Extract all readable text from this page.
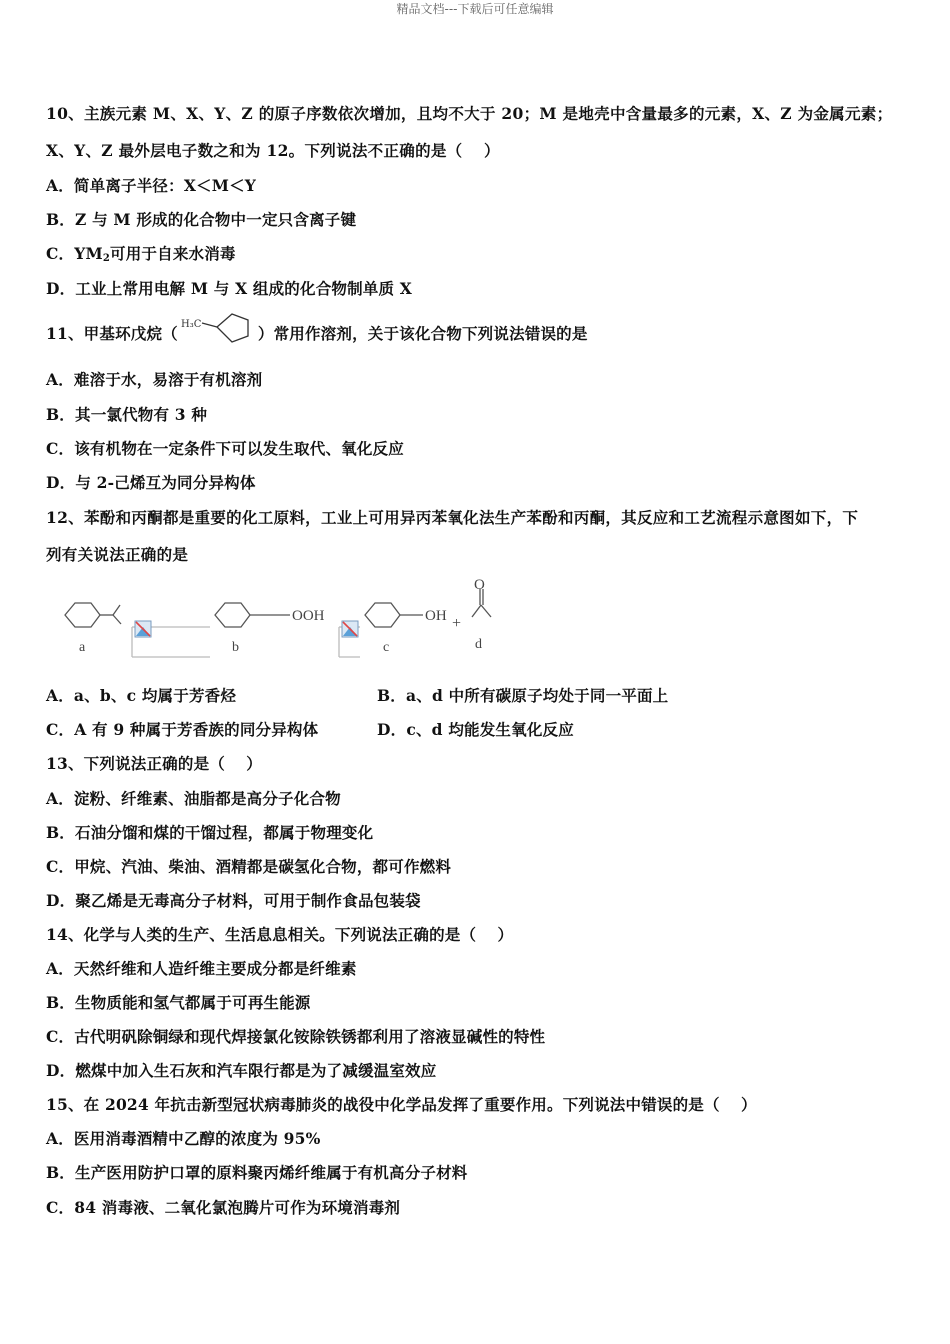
精品文档---下载后可任意编辑
10、主族元素 M、X、Y、Z 的原子序数依次增加，且均不大于 20；M 是地壳中含量最多的元素，X、Z 为金属元素；
X、Y、Z 最外层电子数之和为 12。下列说法不正确的是（　 ）
A．简单离子半径：X＜M＜Y
B．Z 与 M 形成的化合物中一定只含离子键
C．$YM_2$可用于自来水消毒
D．工业上常用电解 M 与 X 组成的化合物制单质 X
11、甲基环戊烷（	）常用作溶剂，关于该化合物下列说法错误的是
H₃C
A．难溶于水，易溶于有机溶剂
B．其一氯代物有 3 种
C．该有机物在一定条件下可以发生取代、氧化反应
D．与 2-己烯互为同分异构体
12、苯酚和丙酮都是重要的化工原料，工业上可用异丙苯氧化法生产苯酚和丙酮，其反应和工艺流程示意图如下，下
列有关说法正确的是
OOH	OH +
O
a	b	c	d
A．a、b、c 均属于芳香烃	B．a、d 中所有碳原子均处于同一平面上
C．A 有 9 种属于芳香族的同分异构体	D．c、d 均能发生氧化反应
13、下列说法正确的是（　 ）
A．淀粉、纤维素、油脂都是高分子化合物
B．石油分馏和煤的干馏过程，都属于物理变化
C．甲烷、汽油、柴油、酒精都是碳氢化合物，都可作燃料
D．聚乙烯是无毒高分子材料，可用于制作食品包装袋
14、化学与人类的生产、生活息息相关。下列说法正确的是（　 ）
A．天然纤维和人造纤维主要成分都是纤维素
B．生物质能和氢气都属于可再生能源
C．古代明矾除铜绿和现代焊接氯化铵除铁锈都利用了溶液显碱性的特性
D．燃煤中加入生石灰和汽车限行都是为了减缓温室效应
15、在 2024 年抗击新型冠状病毒肺炎的战役中化学品发挥了重要作用。下列说法中错误的是（　 ）
A．医用消毒酒精中乙醇的浓度为 95%
B．生产医用防护口罩的原料聚丙烯纤维属于有机高分子材料
C．84 消毒液、二氧化氯泡腾片可作为环境消毒剂
